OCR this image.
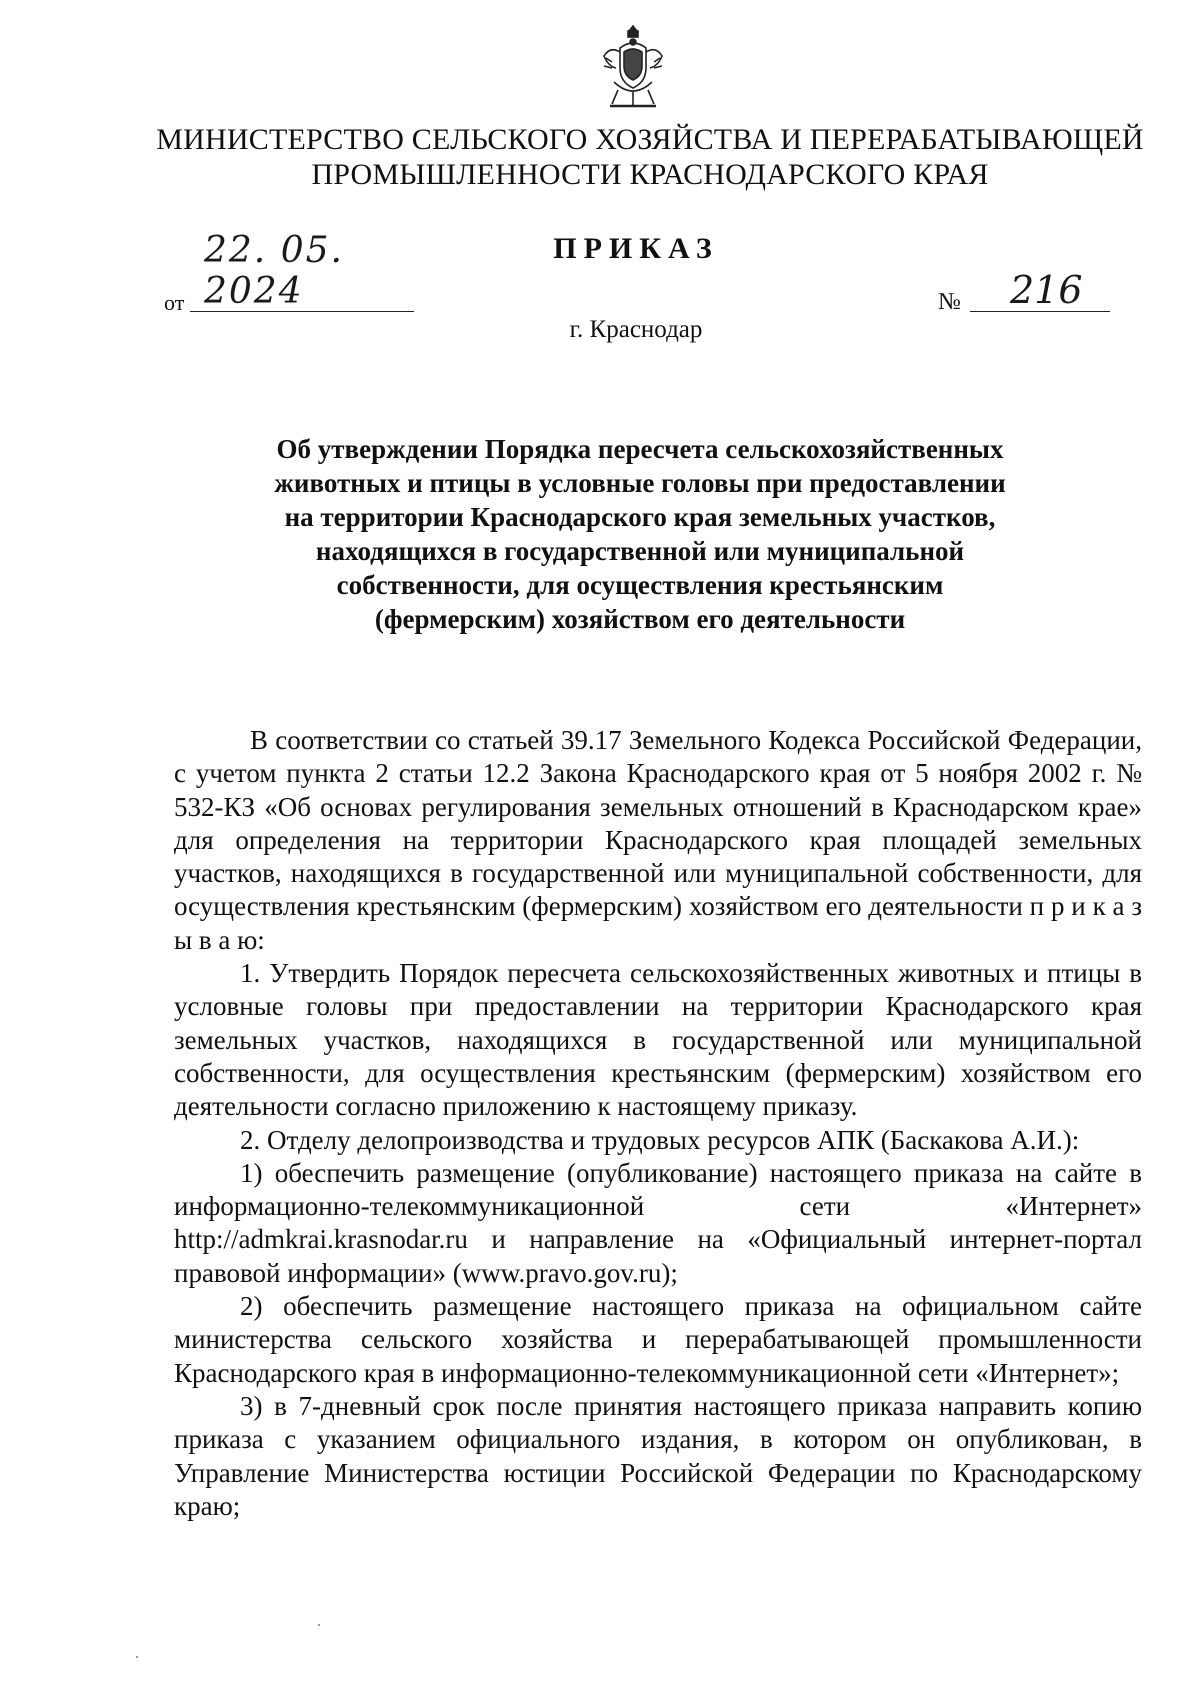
МИНИСТЕРСТВО СЕЛЬСКОГО ХОЗЯЙСТВА И ПЕРЕРАБАТЫВАЮЩЕЙ
ПРОМЫШЛЕННОСТИ КРАСНОДАРСКОГО КРАЯ
ПРИКАЗ
от
22. 05. 2024	№ 216
г. Краснодар
Об утверждении Порядка пересчета сельскохозяйственных
животных и птицы в условные головы при предоставлении
на территории Краснодарского края земельных участков,
находящихся в государственной или муниципальной
собственности, для осуществления крестьянским
(фермерским) хозяйством его деятельности
В соответствии со статьей 39.17 Земельного Кодекса Российской Федерации, с учетом пункта 2 статьи 12.2 Закона Краснодарского края от 5 ноября 2002 г. № 532-КЗ «Об основах регулирования земельных отношений в Краснодарском крае» для определения на территории Краснодарского края площадей земельных участков, находящихся в государственной или муниципальной собственности, для осуществления крестьянским (фермерским) хозяйством его деятельности п р и к а з ы в а ю:
1. Утвердить Порядок пересчета сельскохозяйственных животных и птицы в условные головы при предоставлении на территории Краснодарского края земельных участков, находящихся в государственной или муниципальной собственности, для осуществления крестьянским (фермерским) хозяйством его деятельности согласно приложению к настоящему приказу.
2. Отделу делопроизводства и трудовых ресурсов АПК (Баскакова А.И.):
1) обеспечить размещение (опубликование) настоящего приказа на сайте в информационно-телекоммуникационной сети «Интернет» http://admkrai.krasnodar.ru и направление на «Официальный интернет-портал правовой информации» (www.pravo.gov.ru);
2) обеспечить размещение настоящего приказа на официальном сайте министерства сельского хозяйства и перерабатывающей промышленности Краснодарского края в информационно-телекоммуникационной сети «Интернет»;
3) в 7-дневный срок после принятия настоящего приказа направить копию приказа с указанием официального издания, в котором он опубликован, в Управление Министерства юстиции Российской Федерации по Краснодарскому краю;
